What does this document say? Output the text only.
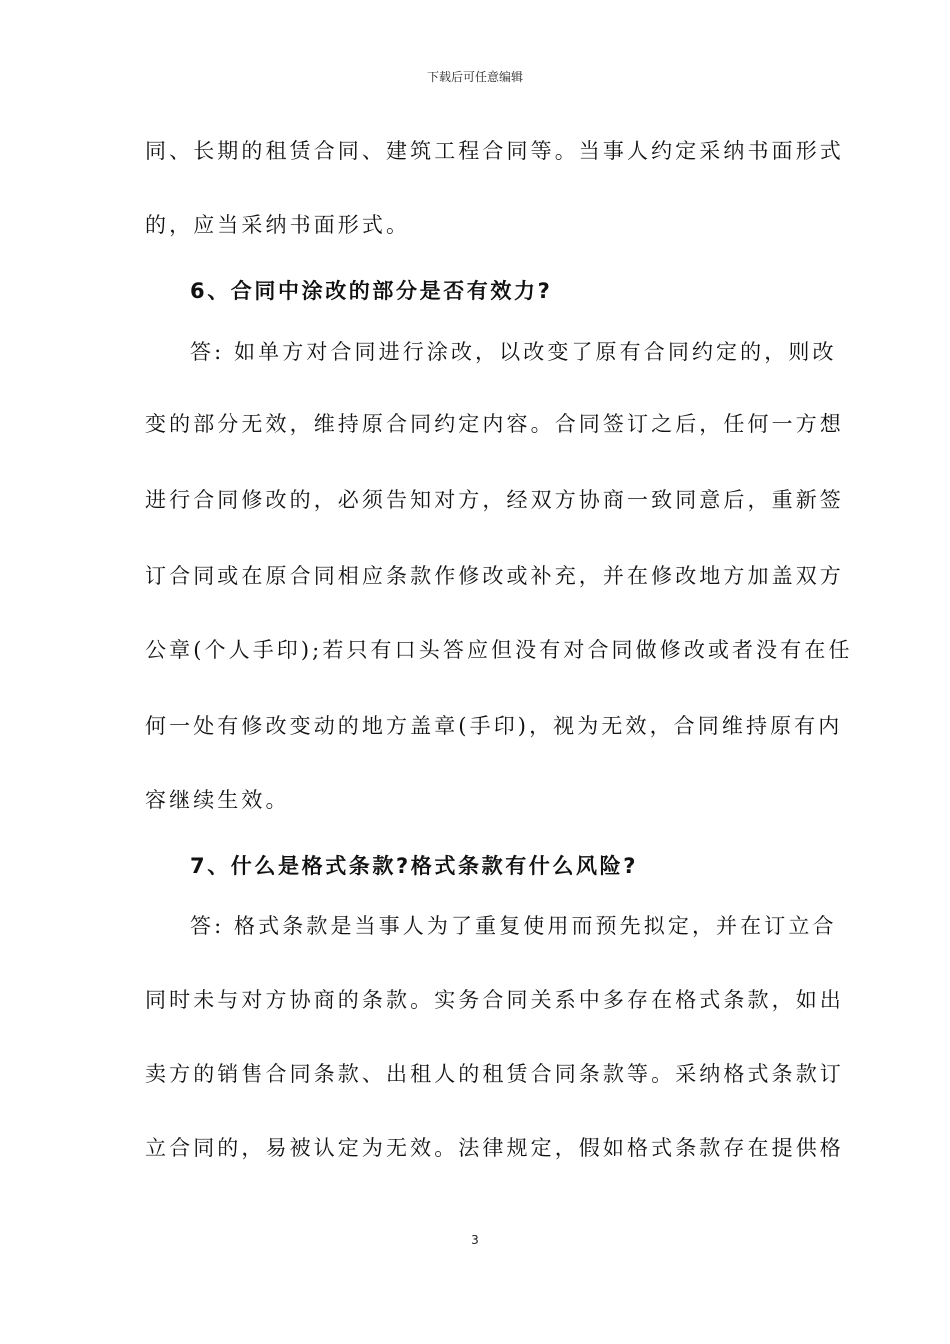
下载后可任意编辑
同、长期的租赁合同、建筑工程合同等。当事人约定采纳书面形式
的，应当采纳书面形式。
6、合同中涂改的部分是否有效力?
答: 如单方对合同进行涂改，以改变了原有合同约定的，则改
变的部分无效，维持原合同约定内容。合同签订之后，任何一方想
进行合同修改的，必须告知对方，经双方协商一致同意后，重新签
订合同或在原合同相应条款作修改或补充，并在修改地方加盖双方
公章(个人手印);若只有口头答应但没有对合同做修改或者没有在任
何一处有修改变动的地方盖章(手印)，视为无效，合同维持原有内
容继续生效。
7、什么是格式条款?格式条款有什么风险?
答: 格式条款是当事人为了重复使用而预先拟定，并在订立合
同时未与对方协商的条款。实务合同关系中多存在格式条款，如出
卖方的销售合同条款、出租人的租赁合同条款等。采纳格式条款订
立合同的，易被认定为无效。法律规定，假如格式条款存在提供格
3
